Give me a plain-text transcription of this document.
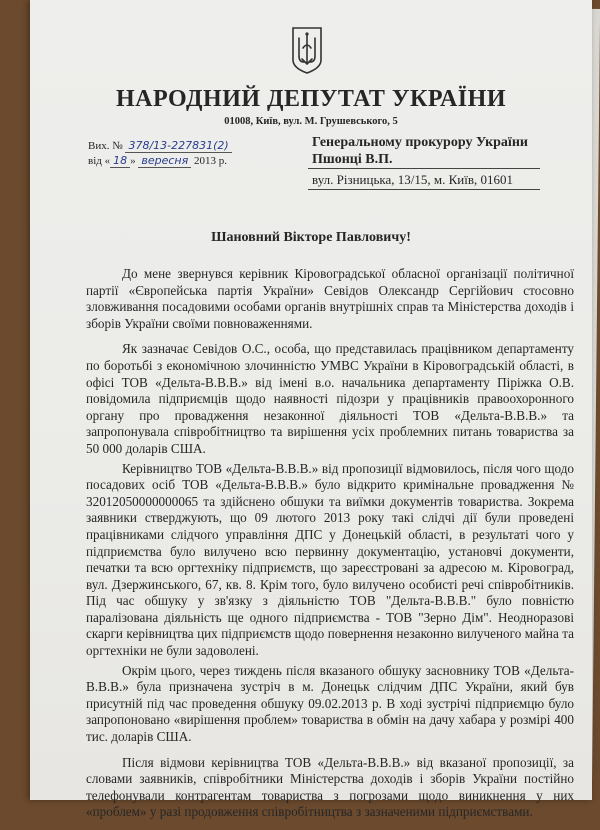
НАРОДНИЙ ДЕПУТАТ УКРАЇНИ
01008, Київ, вул. М. Грушевського, 5
Вих. № 378/13-227831(2)
від « 18 » вересня 2013 р.
Генеральному прокурору України
Пшонці В.П.
вул. Різницька, 13/15, м. Київ, 01601
Шановний Вікторе Павловичу!

До мене звернувся керівник Кіровоградської обласної організації політичної партії «Європейська партія України» Севідов Олександр Сергійович стосовно зловживання посадовими особами органів внутрішніх справ та Міністерства доходів і зборів України своїми повноваженнями.

Як зазначає Севідов О.С., особа, що представилась працівником департаменту по боротьбі з економічною злочинністю УМВС України в Кіровоградській області, в офісі ТОВ «Дельта-В.В.В.» від імені в.о. начальника департаменту Піріжка О.В. повідомила підприємців щодо наявності підозри у працівників правоохоронного органу про провадження незаконної діяльності ТОВ «Дельта-В.В.В.» та запропонувала співробітництво та вирішення усіх проблемних питань товариства за 50 000 доларів США.

Керівництво ТОВ «Дельта-В.В.В.» від пропозиції відмовилось, після чого щодо посадових осіб ТОВ «Дельта-В.В.В.» було відкрито кримінальне провадження № 32012050000000065 та здійснено обшуки та виїмки документів товариства. Зокрема заявники стверджують, що 09 лютого 2013 року такі слідчі дії були проведені працівниками слідчого управління ДПС у Донецькій області, в результаті чого у підприємства було вилучено всю первинну документацію, установчі документи, печатки та всю оргтехніку підприємств, що зареєстровані за адресою м. Кіровоград, вул. Дзержинського, 67, кв. 8. Крім того, було вилучено особисті речі співробітників. Під час обшуку у зв'язку з діяльністю ТОВ "Дельта-В.В.В." було повністю паралізована діяльність ще одного підприємства - ТОВ "Зерно Дім". Неодноразові скарги керівництва цих підприємств щодо повернення незаконно вилученого майна та оргтехніки не були задоволені.

Окрім цього, через тиждень після вказаного обшуку засновнику ТОВ «Дельта-В.В.В.» була призначена зустріч в м. Донецьк слідчим ДПС України, який був присутній під час проведення обшуку 09.02.2013 р. В ході зустрічі підприємцю було запропоновано «вирішення проблем» товариства в обмін на дачу хабара у розмірі 400 тис. доларів США.

Після відмови керівництва ТОВ «Дельта-В.В.В.» від вказаної пропозиції, за словами заявників, співробітники Міністерства доходів і зборів України постійно телефонували контрагентам товариства з погрозами щодо виникнення у них «проблем» у разі продовження співробітництва з зазначеними підприємствами.
